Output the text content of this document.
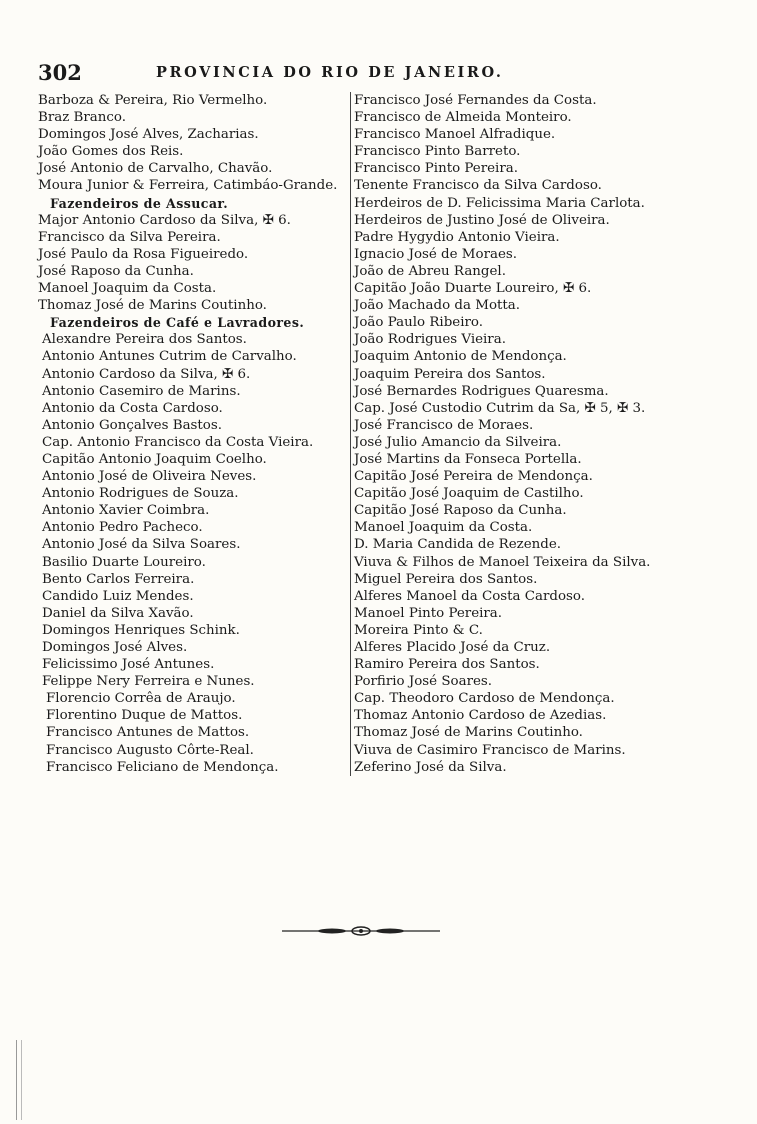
302	PROVINCIA DO RIO DE JANEIRO.
Barboza & Pereira, Rio Vermelho.
Braz Branco.
Domingos José Alves, Zacharias.
João Gomes dos Reis.
José Antonio de Carvalho, Chavão.
Moura Junior & Ferreira, Catimbáo-Grande.
Fazendeiros de Assucar.
Major Antonio Cardoso da Silva, ✠ 6.
Francisco da Silva Pereira.
José Paulo da Rosa Figueiredo.
José Raposo da Cunha.
Manoel Joaquim da Costa.
Thomaz José de Marins Coutinho.
Fazendeiros de Café e Lavradores.
Alexandre Pereira dos Santos.
Antonio Antunes Cutrim de Carvalho.
Antonio Cardoso da Silva, ✠ 6.
Antonio Casemiro de Marins.
Antonio da Costa Cardoso.
Antonio Gonçalves Bastos.
Cap. Antonio Francisco da Costa Vieira.
Capitão Antonio Joaquim Coelho.
Antonio José de Oliveira Neves.
Antonio Rodrigues de Souza.
Antonio Xavier Coimbra.
Antonio Pedro Pacheco.
Antonio José da Silva Soares.
Basilio Duarte Loureiro.
Bento Carlos Ferreira.
Candido Luiz Mendes.
Daniel da Silva Xavão.
Domingos Henriques Schink.
Domingos José Alves.
Felicissimo José Antunes.
Felippe Nery Ferreira e Nunes.
Florencio Corrêa de Araujo.
Florentino Duque de Mattos.
Francisco Antunes de Mattos.
Francisco Augusto Côrte-Real.
Francisco Feliciano de Mendonça.
Francisco José Fernandes da Costa.
Francisco de Almeida Monteiro.
Francisco Manoel Alfradique.
Francisco Pinto Barreto.
Francisco Pinto Pereira.
Tenente Francisco da Silva Cardoso.
Herdeiros de D. Felicissima Maria Carlota.
Herdeiros de Justino José de Oliveira.
Padre Hygydio Antonio Vieira.
Ignacio José de Moraes.
João de Abreu Rangel.
Capitão João Duarte Loureiro, ✠ 6.
João Machado da Motta.
João Paulo Ribeiro.
João Rodrigues Vieira.
Joaquim Antonio de Mendonça.
Joaquim Pereira dos Santos.
José Bernardes Rodrigues Quaresma.
Cap. José Custodio Cutrim da Sa, ✠ 5, ✠ 3.
José Francisco de Moraes.
José Julio Amancio da Silveira.
José Martins da Fonseca Portella.
Capitão José Pereira de Mendonça.
Capitão José Joaquim de Castilho.
Capitão José Raposo da Cunha.
Manoel Joaquim da Costa.
D. Maria Candida de Rezende.
Viuva & Filhos de Manoel Teixeira da Silva.
Miguel Pereira dos Santos.
Alferes Manoel da Costa Cardoso.
Manoel Pinto Pereira.
Moreira Pinto & C.
Alferes Placido José da Cruz.
Ramiro Pereira dos Santos.
Porfirio José Soares.
Cap. Theodoro Cardoso de Mendonça.
Thomaz Antonio Cardoso de Azedias.
Thomaz José de Marins Coutinho.
Viuva de Casimiro Francisco de Marins.
Zeferino José da Silva.
